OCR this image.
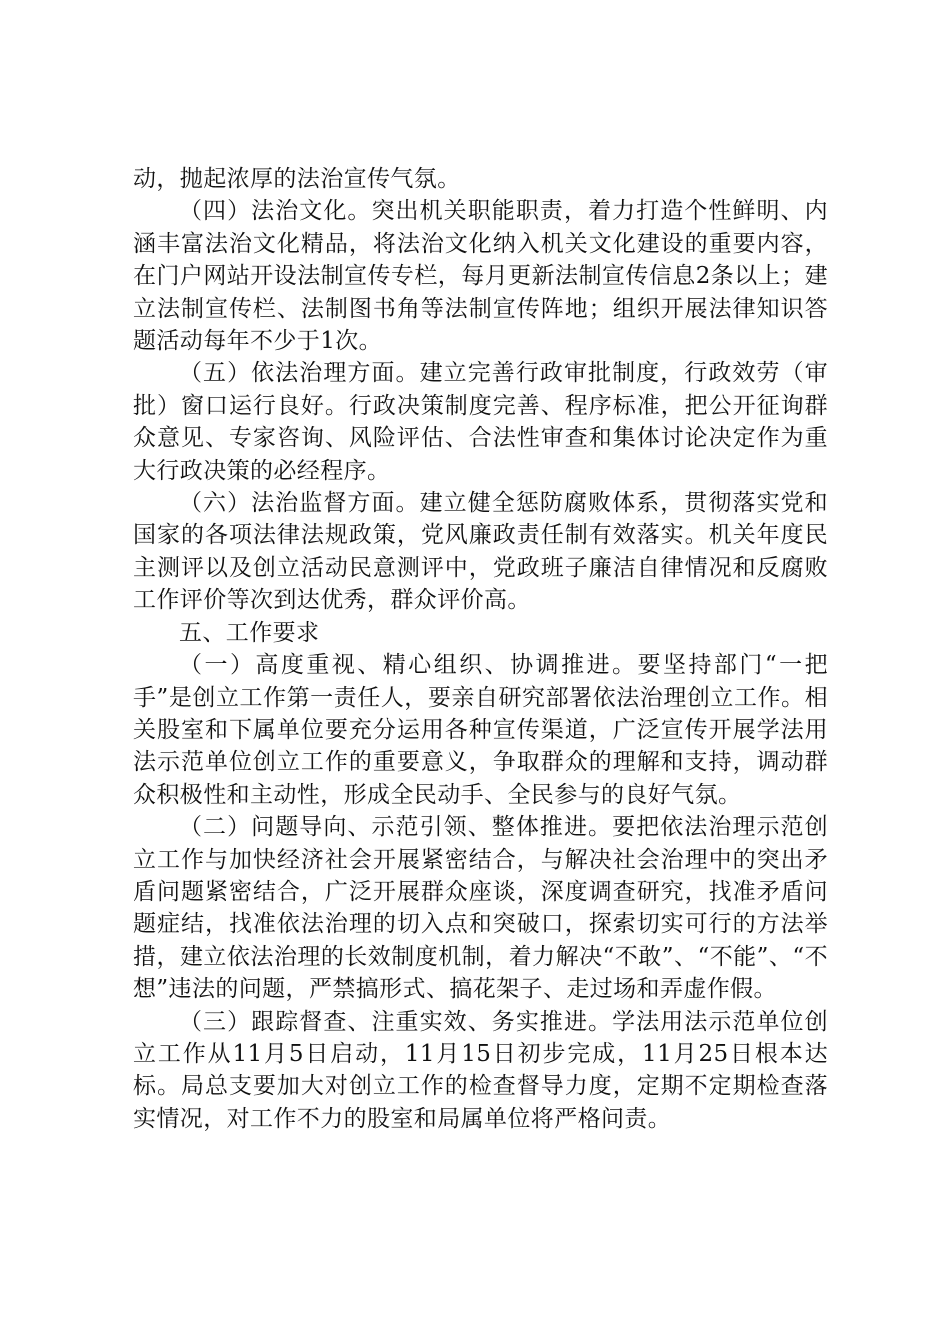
动，抛起浓厚的法治宣传气氛。

（四）法治文化。突出机关职能职责，着力打造个性鲜明、内涵丰富法治文化精品，将法治文化纳入机关文化建设的重要内容，在门户网站开设法制宣传专栏，每月更新法制宣传信息2条以上；建立法制宣传栏、法制图书角等法制宣传阵地；组织开展法律知识答题活动每年不少于1次。

（五）依法治理方面。建立完善行政审批制度，行政效劳（审批）窗口运行良好。行政决策制度完善、程序标准，把公开征询群众意见、专家咨询、风险评估、合法性审查和集体讨论决定作为重大行政决策的必经程序。

（六）法治监督方面。建立健全惩防腐败体系，贯彻落实党和国家的各项法律法规政策，党风廉政责任制有效落实。机关年度民主测评以及创立活动民意测评中，党政班子廉洁自律情况和反腐败工作评价等次到达优秀，群众评价高。

五、工作要求

（一）高度重视、精心组织、协调推进。要坚持部门“一把手”是创立工作第一责任人，要亲自研究部署依法治理创立工作。相关股室和下属单位要充分运用各种宣传渠道，广泛宣传开展学法用法示范单位创立工作的重要意义，争取群众的理解和支持，调动群众积极性和主动性，形成全民动手、全民参与的良好气氛。

（二）问题导向、示范引领、整体推进。要把依法治理示范创立工作与加快经济社会开展紧密结合，与解决社会治理中的突出矛盾问题紧密结合，广泛开展群众座谈，深度调查研究，找准矛盾问题症结，找准依法治理的切入点和突破口，探索切实可行的方法举措，建立依法治理的长效制度机制，着力解决“不敢”、“不能”、“不想”违法的问题，严禁搞形式、搞花架子、走过场和弄虚作假。

（三）跟踪督查、注重实效、务实推进。学法用法示范单位创立工作从11月5日启动，11月15日初步完成，11月25日根本达标。局总支要加大对创立工作的检查督导力度，定期不定期检查落实情况，对工作不力的股室和局属单位将严格问责。
